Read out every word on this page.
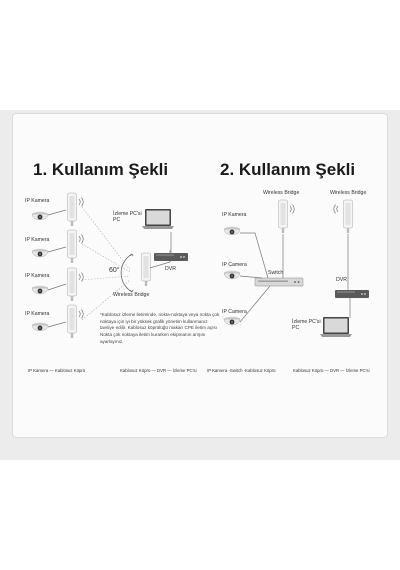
1. Kullanım Şekli	2. Kullanım Şekli
IP Kamera
IP Kamera
IP Kamera
IP Kamera
İzleme PC'si
PC
DVR
60°
Wireless Bridge
*Kablosuz izleme iletiminde, nokta-noktaya veya nokta çok noktaya için iyi bir yüksek grafik yönetim kullanmanız tavsiye edilir. Kablosuz köprülüğü makarı CPE iletim açısı Nokta çok noktaya iletim kurarken ekipmanın arışını ayarlayınız.
IP Kamera — Kablosuz Köprü	Kablosuz Köprü — DVR — İzleme PC'si
Wireless Bridge	Wireless Bridge
IP Kamera
IP Camera
IP Camera
Switch
DVR
İzleme PC'si
PC
IP Kamera -Switch -Kablosuz Köprü	Kablosuz Köprü — DVR — İzleme PC'si
